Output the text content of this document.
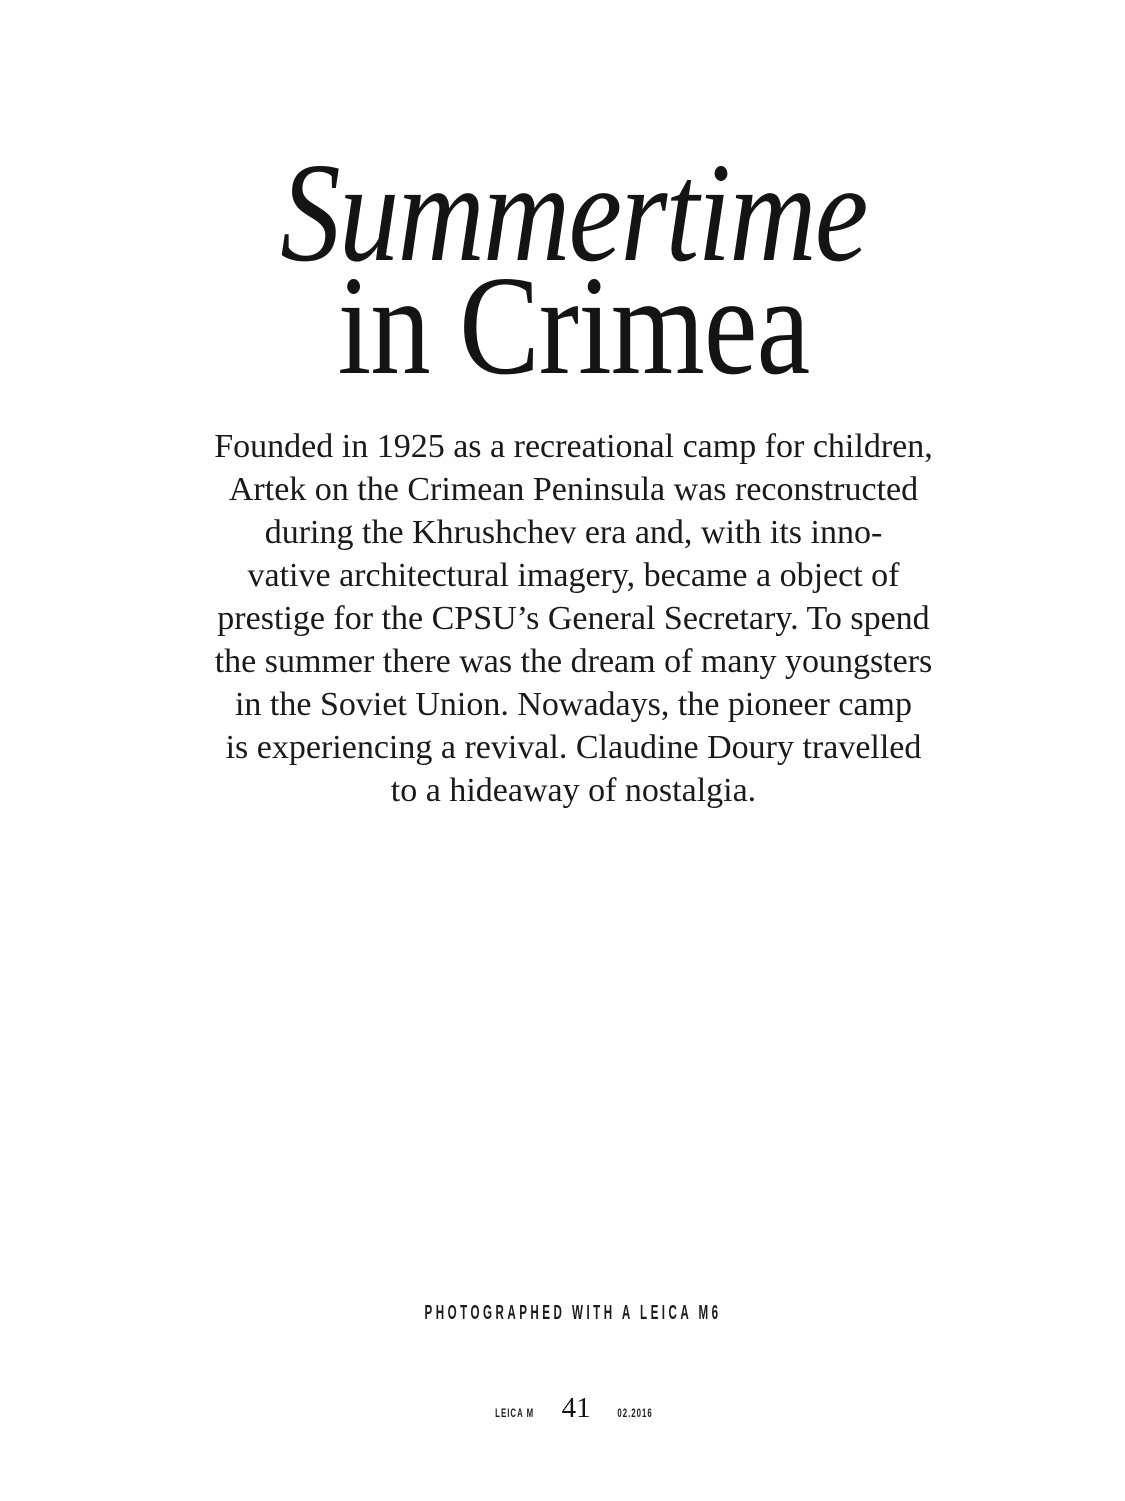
Summertime
in Crimea

Founded in 1925 as a recreational camp for children,
Artek on the Crimean Peninsula was reconstructed
during the Khrushchev era and, with its inno-
vative architectural imagery, became a object of
prestige for the CPSU’s General Secretary. To spend
the summer there was the dream of many youngsters
in the Soviet Union. Nowadays, the pioneer camp
is experiencing a revival. Claudine Doury travelled
to a hideaway of nostalgia.

PHOTOGRAPHED WITH A LEICA M6
LEICA M 41 02.2016
